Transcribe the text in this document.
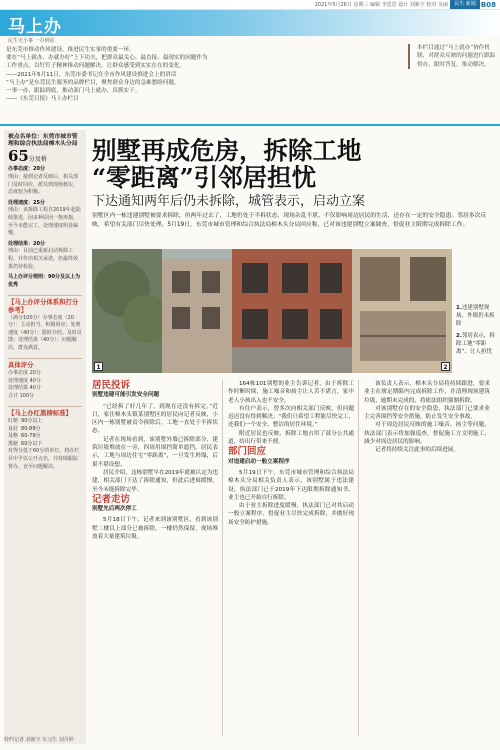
2021年5月26日 星期三 编辑 李思思 设计 刘新宇 校对 吴丽	民生·新闻 B08
马上办
民生无小事 一办到底

是东莞市推动作风建设、推进民生实事的重要一环。

要在“马上就办、办就办好”上下功夫，把群众最关心、最直接、最现实的问题作为

工作重点，以钉钉子精神推动问题解决，让群众感受到实实在在的变化。

——2021年5月11日，东莞市委书记在全市作风建设推进会上的讲话

“马上办”是东莞民生服务的品牌栏目，聚焦群众身边的急难愁盼问题，

一事一办、跟踪到底，推动部门马上就办、真抓实干。

——《东莞日报》马上办栏目

本栏目通过“马上就办”协作机制，对群众反映的问题进行跟踪督办，限时答复，推动解决。
被点名单位：东莞市城市管理和综合执法局樟木头分局
65分及格
办事态度：20分
理由：接到记者反映后，相关部门及时回应，派员到现场核实，态度较为积极。
处理速度：25分
理由：该拆除工程自2019年起陆续推进，因多种原因一拖再拖，至今未能完工，处理速度明显偏慢。
处理结果：20分
理由：目前已重新启动拆除工程，并作出相关承诺，但最终效果仍待检验。
马上办评分规则：90分及以上为优秀
【马上办评分体系和打分参考】
（满分100分）办事态度（20分）：主动担当、积极回应；处理速度（40分）：限时办结、及时反馈；处理结果（40分）：问题解决、群众满意。
具体评分
办事态度 20分
处理速度 40分
处理结果 40分
合计 100分
【马上办红黑榜标准】
红榜 90分以上
良好 80-89分
及格 60-79分
黑榜 60分以下
对得分低于60分的单位，将在栏目中予以公开点名，并持续跟踪督办，直至问题解决。
特约记者 刘新宇 实习生 刘丹婷
别墅再成危房，拆除工地
“零距离”引邻居担忧
下达通知两年后仍未拆除，城管表示，启动立案
别墅区内一栋违建别墅被要求拆除，但两年过去了，工地仍处于半拆状态，现场杂乱不堪，不仅影响周边居民的生活，还存在一定的安全隐患。邻居多次反映，希望有关部门尽快处理。5月19日，东莞市城市管理和综合执法局樟木头分局回应称，已对该违建别墅立案调查，督促业主限期完成拆除工作。
1	2

1.违建别墅现场，外墙仍未拆除

2.邻居表示，拆除工地“零距离”，让人担忧

居民投诉
别墅违建可能引发安全问题

“已经拆了好几年了，到现在还没有拆完。”近日，家住樟木头镇某别墅区的居民向记者反映，小区内一栋别墅被责令拆除后，工地一直处于半拆状态。

记者在现场看到，该别墅外墙已拆除部分，建筑垃圾堆放在一旁，四周用围挡简单遮挡。居民表示，工地与周边住宅“零距离”，一旦发生坍塌，后果不堪设想。

居民介绍，这栋别墅早在2019年就被认定为违建，相关部门下达了拆除通知，但此后进展缓慢，至今未能拆除完毕。

记者走访
别墅先后两次停工

5月18日下午，记者来到该别墅区，看到该别墅二楼以上部分已被拆除，一楼仍然保留，现场堆放着大量建筑垃圾。

164栋101别墅的业主告诉记者，由于拆除工作时断时续，施工噪音和扬尘让人苦不堪言，家中老人小孩出入也不安全。

有住户表示，曾多次向相关部门反映，但问题迟迟没有得到解决。“我们只希望工程能尽快完工，还我们一个安全、整洁的居住环境。”

附近居民也反映，拆除工地占用了部分公共通道，给出行带来不便。

部门回应
对违建启动一般立案程序

5月19日下午，东莞市城市管理和综合执法局樟木头分局相关负责人表示，该别墅属于违法建设，执法部门已于2019年下达限期拆除通知书，业主也已开始自行拆除。

由于业主拆除进度缓慢，执法部门已对其启动一般立案程序，督促业主尽快完成拆除，并做好现场安全防护措施。

该负责人表示，樟木头分局将持续跟进，要求业主在规定期限内完成拆除工作，并清理现场建筑垃圾，逾期未完成的，将依法组织强制拆除。

对该别墅存在的安全隐患，执法部门已要求业主完善围挡等安全措施，防止发生安全事故。

对于周边居民反映的施工噪音、扬尘等问题，执法部门表示将加强巡查，督促施工方文明施工，减少对周边居民的影响。

记者将持续关注此事的后续进展。
